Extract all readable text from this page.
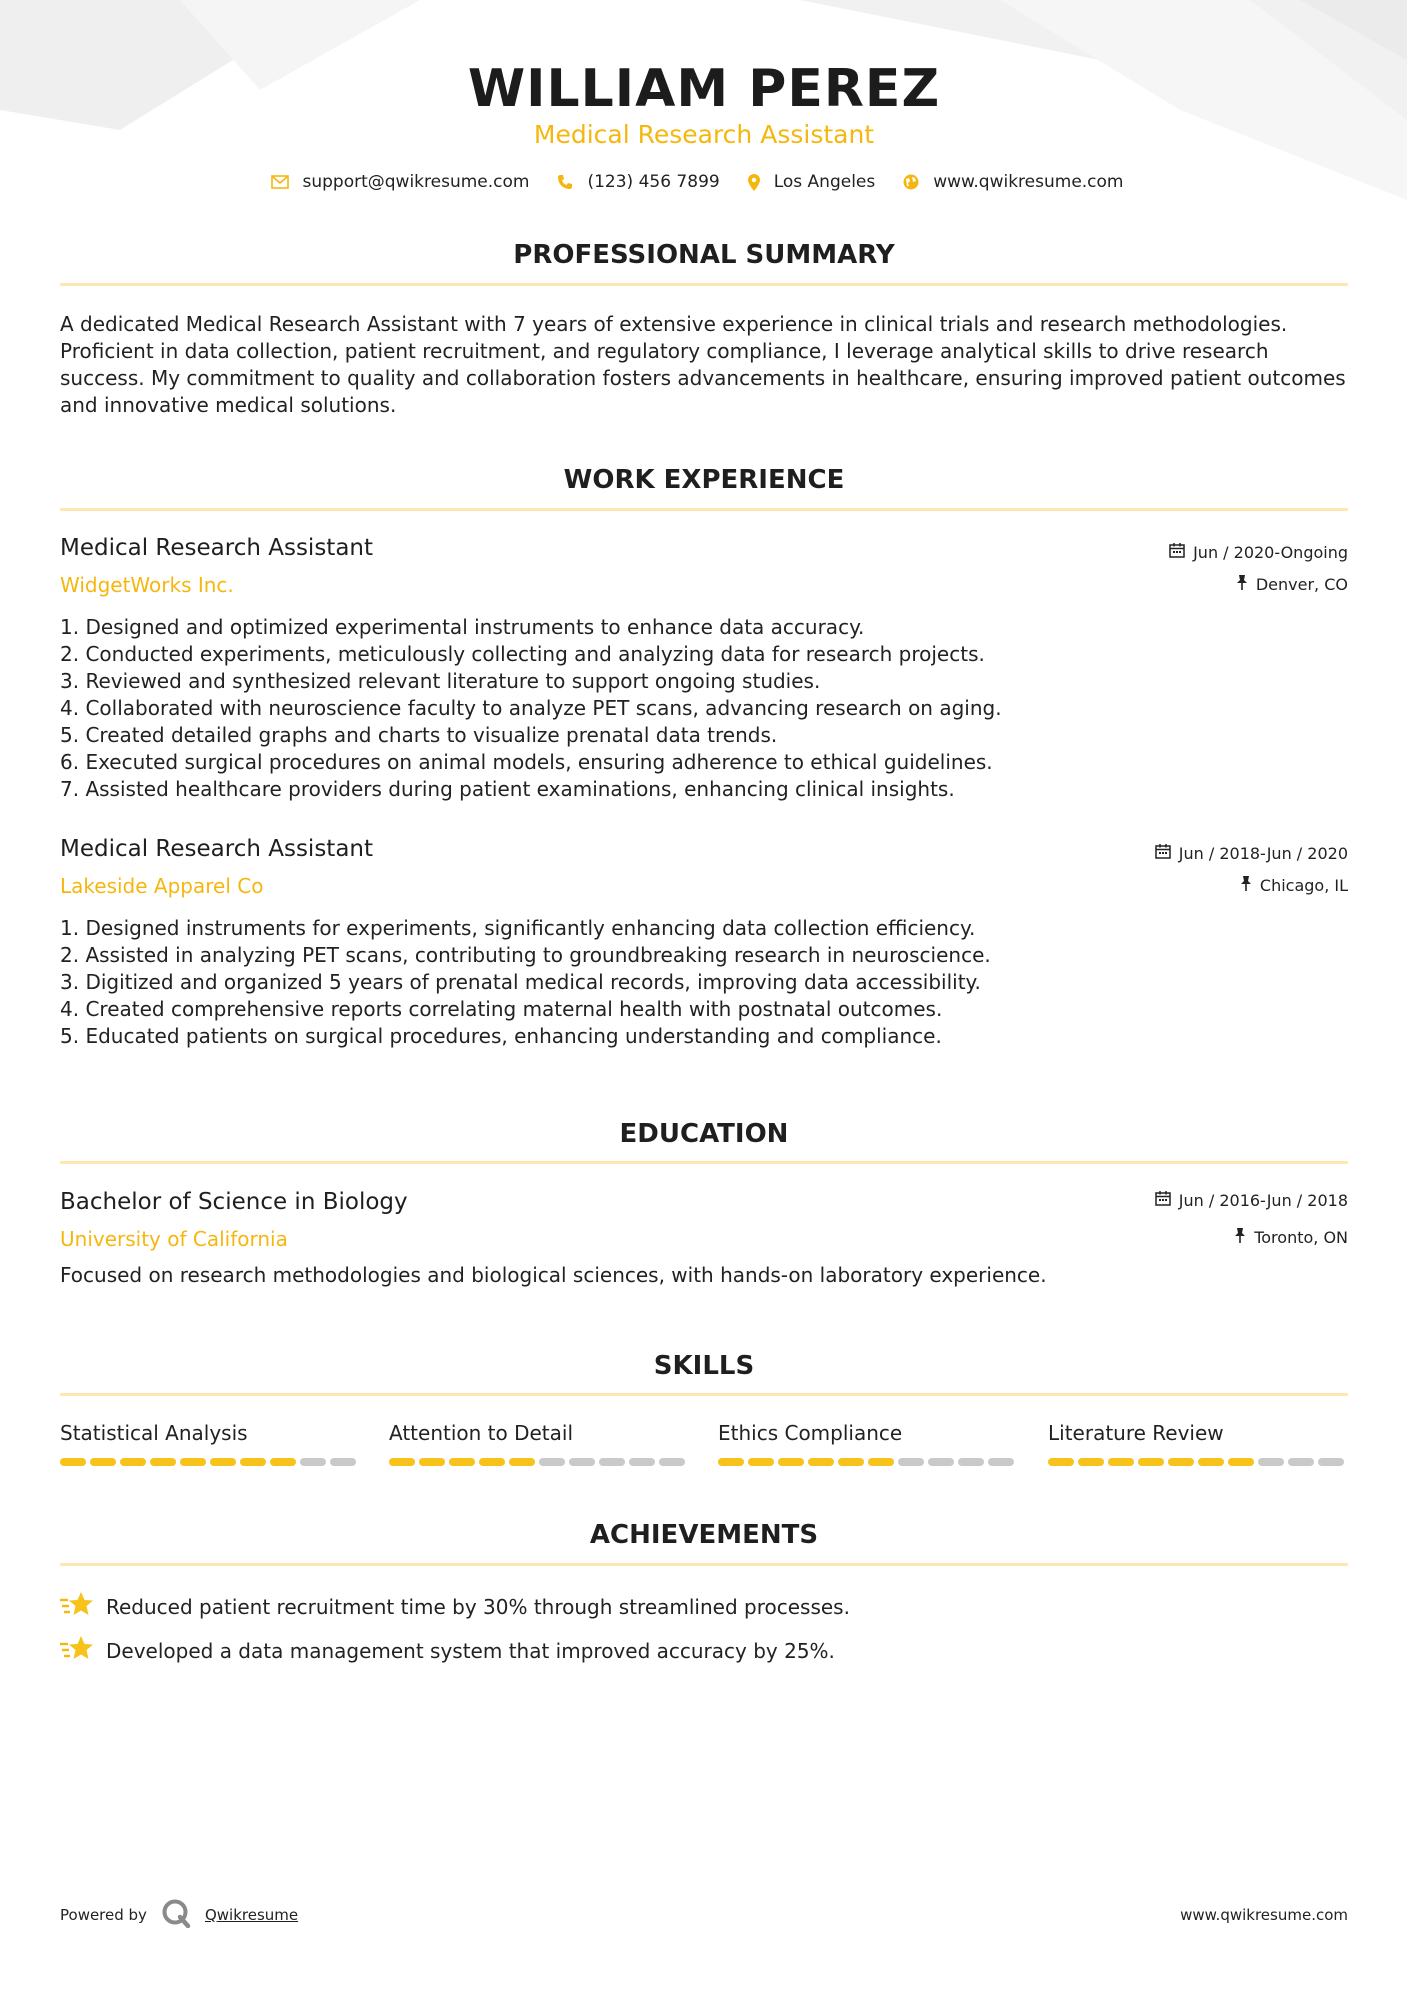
WILLIAM PEREZ
Medical Research Assistant
support@qwikresume.com	(123) 456 7899	Los Angeles	www.qwikresume.com
PROFESSIONAL SUMMARY
A dedicated Medical Research Assistant with 7 years of extensive experience in clinical trials and research methodologies. Proficient in data collection, patient recruitment, and regulatory compliance, I leverage analytical skills to drive research success. My commitment to quality and collaboration fosters advancements in healthcare, ensuring improved patient outcomes and innovative medical solutions.
WORK EXPERIENCE
Medical Research Assistant
WidgetWorks Inc.
Jun / 2020-Ongoing
Denver, CO
1. Designed and optimized experimental instruments to enhance data accuracy.
2. Conducted experiments, meticulously collecting and analyzing data for research projects.
3. Reviewed and synthesized relevant literature to support ongoing studies.
4. Collaborated with neuroscience faculty to analyze PET scans, advancing research on aging.
5. Created detailed graphs and charts to visualize prenatal data trends.
6. Executed surgical procedures on animal models, ensuring adherence to ethical guidelines.
7. Assisted healthcare providers during patient examinations, enhancing clinical insights.
Medical Research Assistant
Lakeside Apparel Co
Jun / 2018-Jun / 2020
Chicago, IL
1. Designed instruments for experiments, significantly enhancing data collection efficiency.
2. Assisted in analyzing PET scans, contributing to groundbreaking research in neuroscience.
3. Digitized and organized 5 years of prenatal medical records, improving data accessibility.
4. Created comprehensive reports correlating maternal health with postnatal outcomes.
5. Educated patients on surgical procedures, enhancing understanding and compliance.
EDUCATION
Bachelor of Science in Biology
University of California
Jun / 2016-Jun / 2018
Toronto, ON
Focused on research methodologies and biological sciences, with hands-on laboratory experience.
SKILLS
Statistical Analysis	Attention to Detail	Ethics Compliance	Literature Review
ACHIEVEMENTS
Reduced patient recruitment time by 30% through streamlined processes.
Developed a data management system that improved accuracy by 25%.
Powered by	Qwikresume	www.qwikresume.com
